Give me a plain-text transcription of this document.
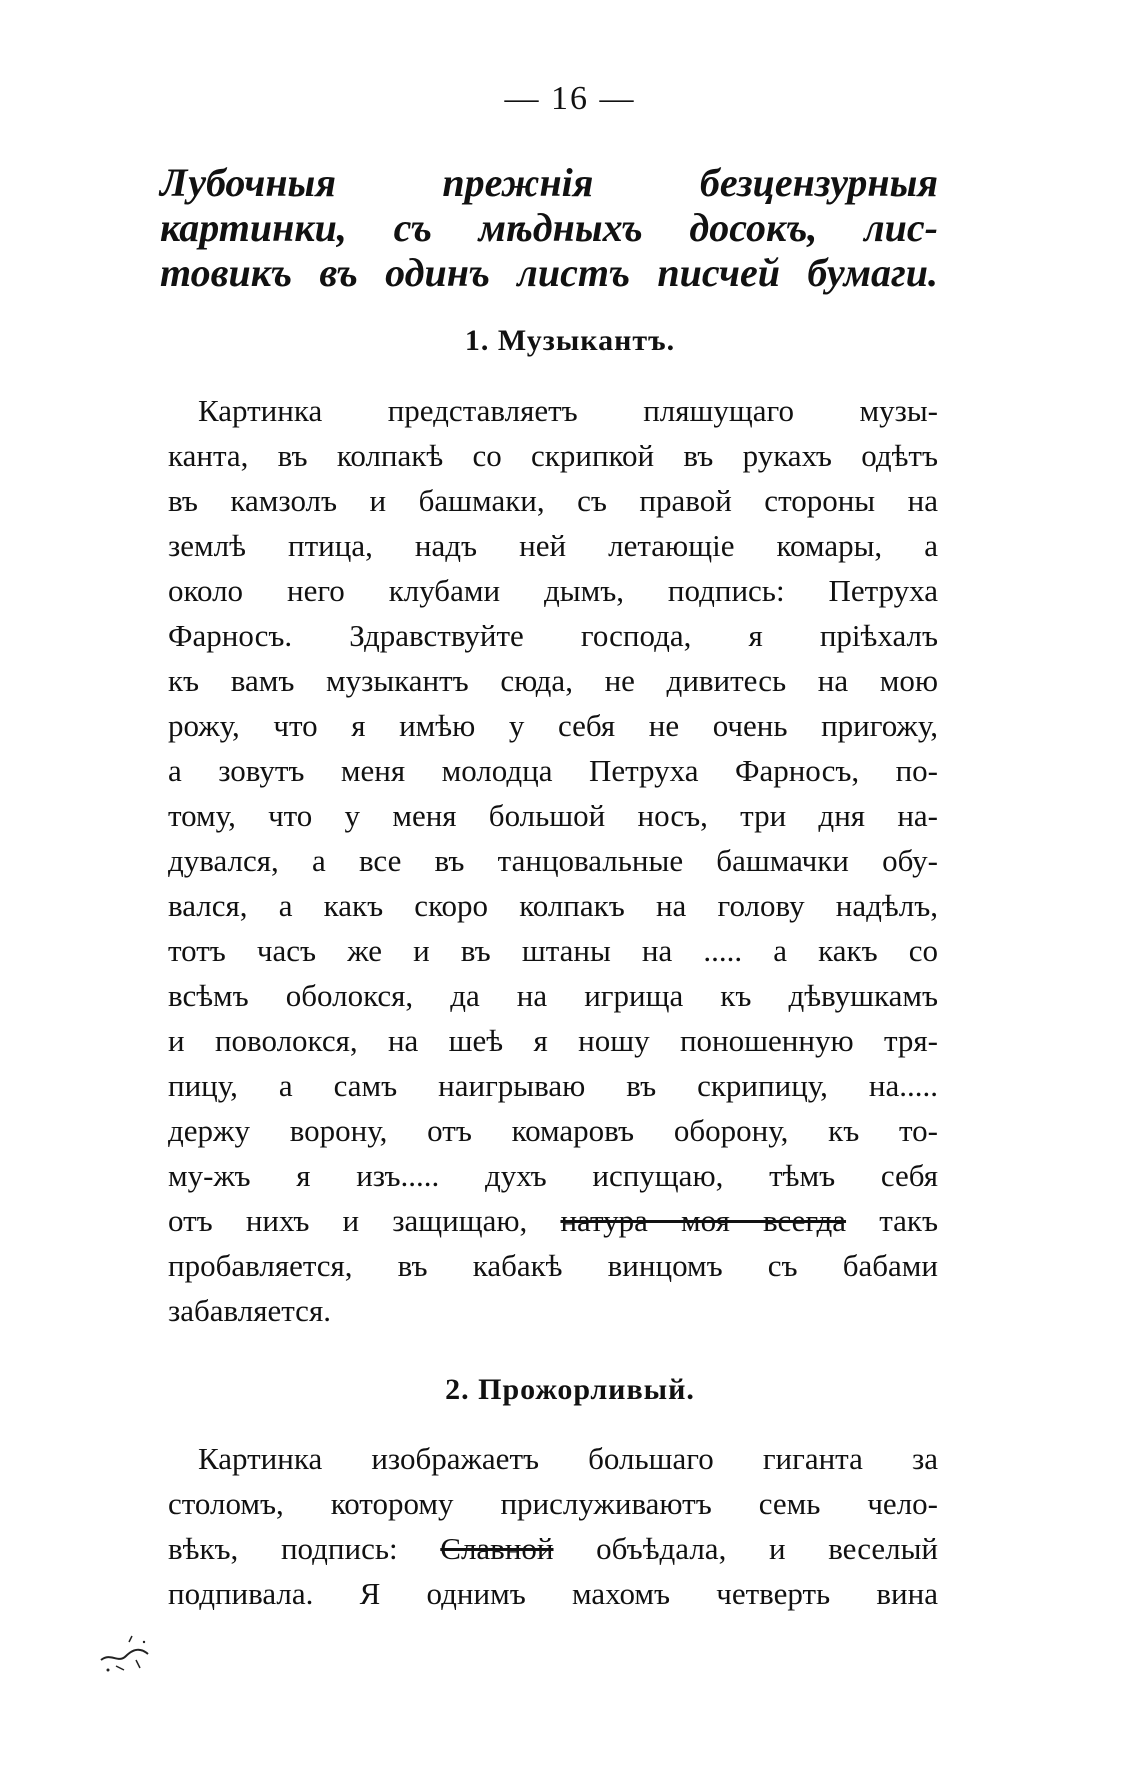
— 16 —
Лубочныя прежнія безцензурныя
картинки, съ мѣдныхъ досокъ, лис-
товикъ въ одинъ листъ писчей бумаги.
1. Музыкантъ.
Картинка представляетъ пляшущаго музы-
канта, въ колпакѣ со скрипкой въ рукахъ одѣтъ
въ камзолъ и башмаки, съ правой стороны на
землѣ птица, надъ ней летающіе комары, а
около него клубами дымъ, подпись: Петруха
Фарносъ. Здравствуйте господа, я пріѣхалъ
къ вамъ музыкантъ сюда, не дивитесь на мою
рожу, что я имѣю у себя не очень пригожу,
а зовутъ меня молодца Петруха Фарносъ, по-
тому, что у меня большой носъ, три дня на-
дувался, а все въ танцовальные башмачки обу-
вался, а какъ скоро колпакъ на голову надѣлъ,
тотъ часъ же и въ штаны на ..... а какъ со
всѣмъ оболокся, да на игрища къ дѣвушкамъ
и поволокся, на шеѣ я ношу поношенную тря-
пицу, а самъ наигрываю въ скрипицу, на.....
держу ворону, отъ комаровъ оборону, къ то-
му-жъ я изъ..... духъ испущаю, тѣмъ себя
отъ нихъ и защищаю, натура моя всегда такъ
пробавляется, въ кабакѣ винцомъ съ бабами
забавляется.
2. Прожорливый.
Картинка изображаетъ большаго гиганта за
столомъ, которому прислуживаютъ семь чело-
вѣкъ, подпись: Славной объѣдала, и веселый
подпивала. Я однимъ махомъ четверть вина
